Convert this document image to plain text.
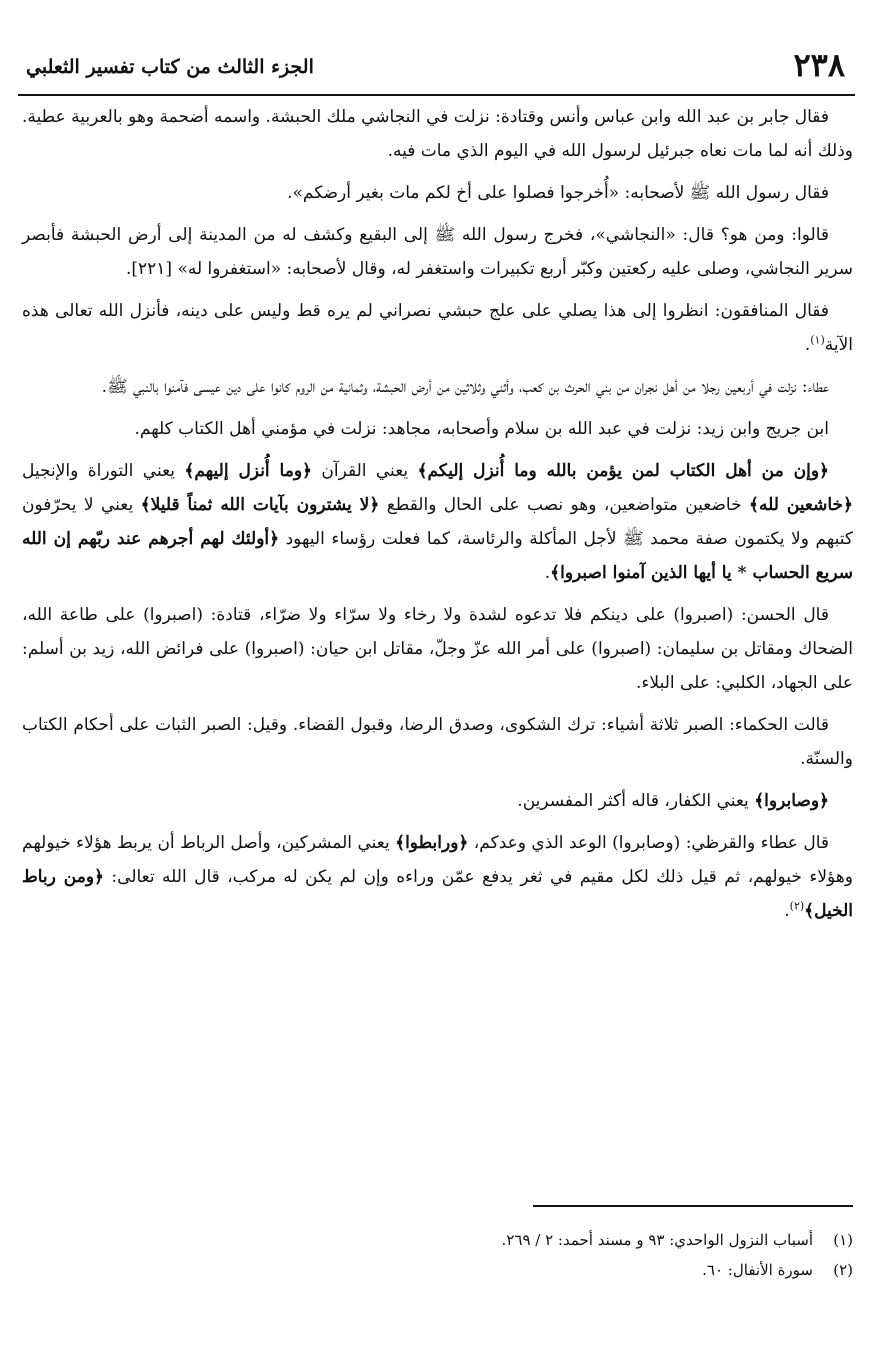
٢٣٨
الجزء الثالث من كتاب تفسير الثعلبي

فقال جابر بن عبد الله وابن عباس وأنس وقتادة: نزلت في النجاشي ملك الحبشة. واسمه أضحمة وهو بالعربية عطية. وذلك أنه لما مات نعاه جبرئيل لرسول الله في اليوم الذي مات فيه.

فقال رسول الله ﷺ لأصحابه: «أُخرجوا فصلوا على أخ لكم مات بغير أرضكم».

قالوا: ومن هو؟ قال: «النجاشي»، فخرج رسول الله ﷺ إلى البقيع وكشف له من المدينة إلى أرض الحبشة فأبصر سرير النجاشي، وصلى عليه ركعتين وكبّر أربع تكبيرات واستغفر له، وقال لأصحابه: «استغفروا له» [٢٢١].

فقال المنافقون: انظروا إلى هذا يصلي على علج حبشي نصراني لم يره قط وليس على دينه، فأنزل الله تعالى هذه الآية$^{(١)}$.

عطاء: نزلت في أربعين رجلا من أهل نجران من بني الحرث بن كعب، وأثني وثلاثين من أرض الحبشة، وثمانية من الروم كانوا على دين عيسى فآمنوا بالنبي ﷺ.

ابن جريج وابن زيد: نزلت في عبد الله بن سلام وأصحابه، مجاهد: نزلت في مؤمني أهل الكتاب كلهم.

﴿وإن من أهل الكتاب لمن يؤمن بالله وما أُنزل إليكم﴾ يعني القرآن ﴿وما أُنزل إليهم﴾ يعني التوراة والإنجيل ﴿خاشعين لله﴾ خاضعين متواضعين، وهو نصب على الحال والقطع ﴿لا يشترون بآيات الله ثمناً قليلا﴾ يعني لا يحرّفون كتبهم ولا يكتمون صفة محمد ﷺ لأجل المأكلة والرئاسة، كما فعلت رؤساء اليهود ﴿أولئك لهم أجرهم عند ربّهم إن الله سريع الحساب * يا أيها الذين آمنوا اصبروا﴾.

قال الحسن: (اصبروا) على دينكم فلا تدعوه لشدة ولا رخاء ولا سرّاء ولا ضرّاء، قتادة: (اصبروا) على طاعة الله، الضحاك ومقاتل بن سليمان: (اصبروا) على أمر الله عزّ وجلّ، مقاتل ابن حيان: (اصبروا) على فرائض الله، زيد بن أسلم: على الجهاد، الكلبي: على البلاء.

قالت الحكماء: الصبر ثلاثة أشياء: ترك الشكوى، وصدق الرضا، وقبول القضاء. وقيل: الصبر الثبات على أحكام الكتاب والسنّة.

﴿وصابروا﴾ يعني الكفار، قاله أكثر المفسرين.

قال عطاء والقرظي: (وصابروا) الوعد الذي وعدكم، ﴿ورابطوا﴾ يعني المشركين، وأصل الرباط أن يربط هؤلاء خيولهم وهؤلاء خيولهم، ثم قيل ذلك لكل مقيم في ثغر يدفع عمّن وراءه وإن لم يكن له مركب، قال الله تعالى: ﴿ومن رباط الخيل﴾$^{(٢)}$.

(١)أسباب النزول الواحدي: ٩٣ و مسند أحمد: ٢ / ٢٦٩.

(٢)سورة الأنفال: ٦٠.
